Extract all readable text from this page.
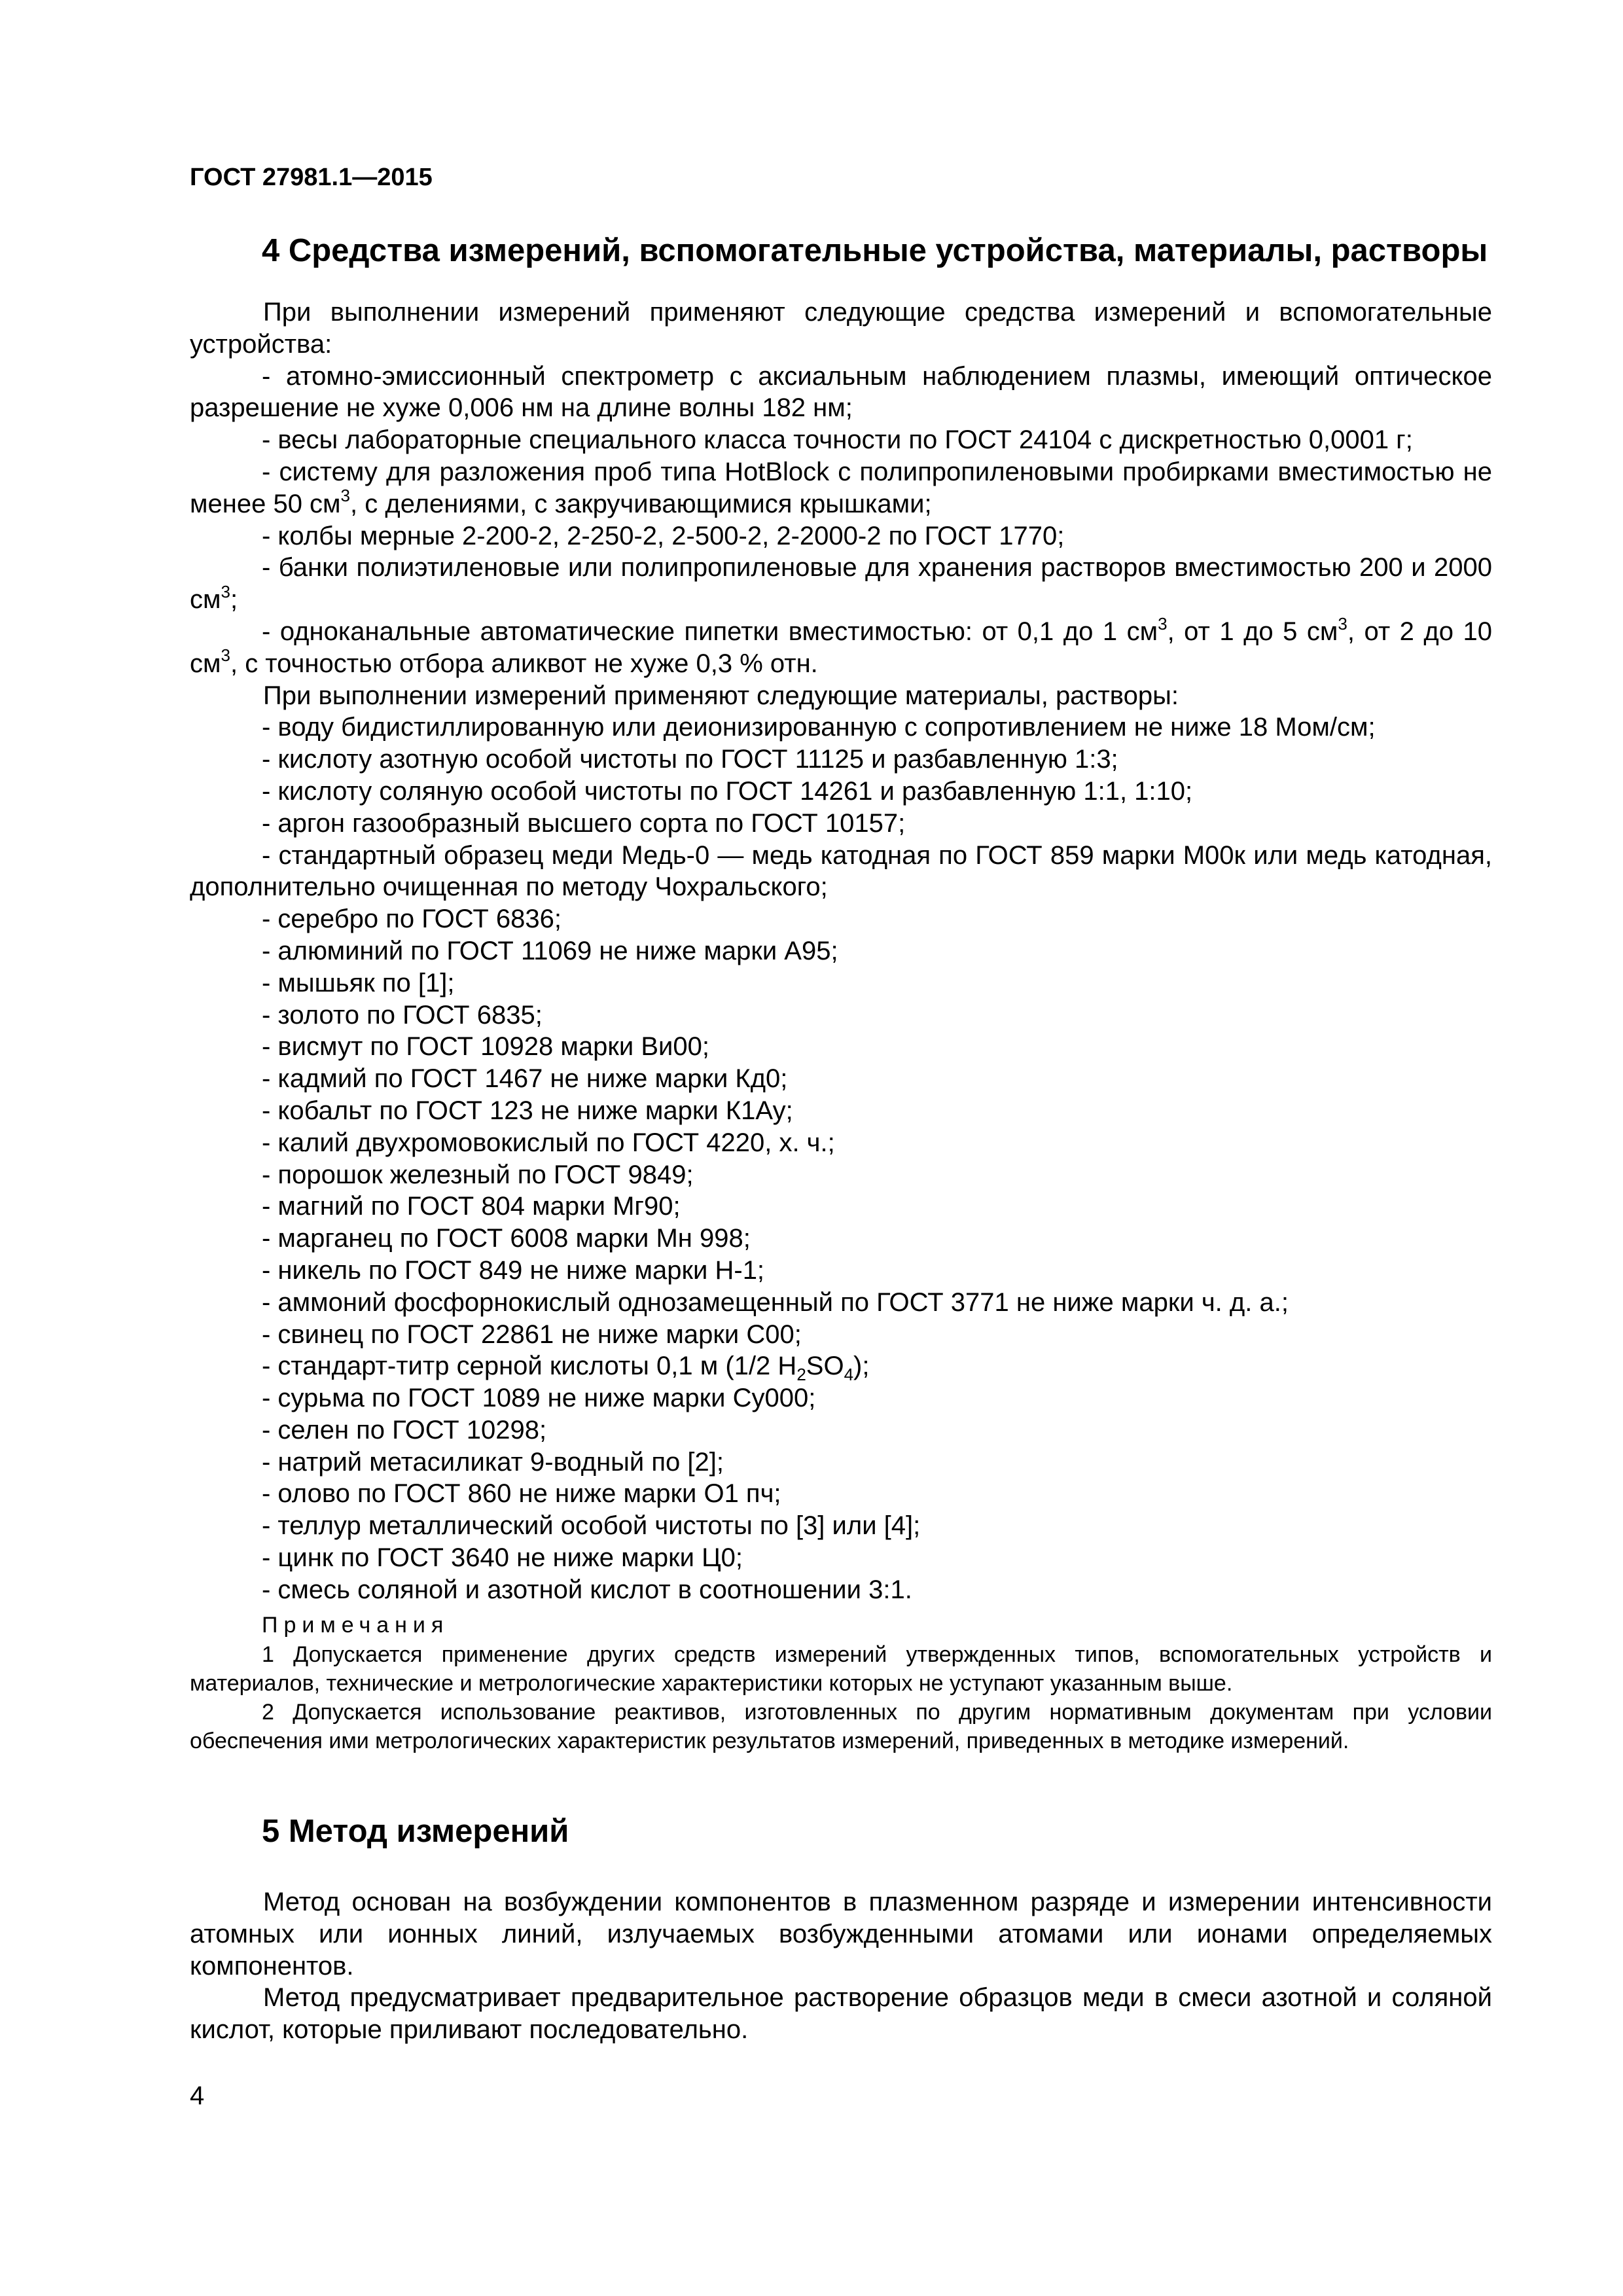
ГОСТ 27981.1—2015
4 Средства измерений, вспомогательные устройства, материалы, растворы

При выполнении измерений применяют следующие средства измерений и вспомогательные устройства:

- атомно-эмиссионный спектрометр с аксиальным наблюдением плазмы, имеющий оптическое разрешение не хуже 0,006 нм на длине волны 182 нм;

- весы лабораторные специального класса точности по ГОСТ 24104 с дискретностью 0,0001 г;

- систему для разложения проб типа HotBlock с полипропиленовыми пробирками вместимостью не менее 50 $см^3$, с делениями, с закручивающимися крышками;

- колбы мерные 2-200-2, 2-250-2, 2-500-2, 2-2000-2 по ГОСТ 1770;

- банки полиэтиленовые или полипропиленовые для хранения растворов вместимостью 200 и 2000 $см^3$;

- одноканальные автоматические пипетки вместимостью: от 0,1 до 1 $см^3$, от 1 до 5 $см^3$, от 2 до 10 $см^3$, с точностью отбора аликвот не хуже 0,3 % отн.

При выполнении измерений применяют следующие материалы, растворы:

- воду бидистиллированную или деионизированную с сопротивлением не ниже 18 Мом/см;

- кислоту азотную особой чистоты по ГОСТ 11125 и разбавленную 1:3;

- кислоту соляную особой чистоты по ГОСТ 14261 и разбавленную 1:1, 1:10;

- аргон газообразный высшего сорта по ГОСТ 10157;

- стандартный образец меди Медь-0 — медь катодная по ГОСТ 859 марки М00к или медь катодная, дополнительно очищенная по методу Чохральского;

- серебро по ГОСТ 6836;

- алюминий по ГОСТ 11069 не ниже марки А95;

- мышьяк по [1];

- золото по ГОСТ 6835;

- висмут по ГОСТ 10928 марки Ви00;

- кадмий по ГОСТ 1467 не ниже марки Кд0;

- кобальт по ГОСТ 123 не ниже марки К1Ау;

- калий двухромовокислый по ГОСТ 4220, х. ч.;

- порошок железный по ГОСТ 9849;

- магний по ГОСТ 804 марки Мг90;

- марганец по ГОСТ 6008 марки Мн 998;

- никель по ГОСТ 849 не ниже марки Н-1;

- аммоний фосфорнокислый однозамещенный по ГОСТ 3771 не ниже марки ч. д. а.;

- свинец по ГОСТ 22861 не ниже марки С00;

- стандарт-титр серной кислоты 0,1 м (1/2 $H_2SO_4$);

- сурьма по ГОСТ 1089 не ниже марки Су000;

- селен по ГОСТ 10298;

- натрий метасиликат 9-водный по [2];

- олово по ГОСТ 860 не ниже марки О1 пч;

- теллур металлический особой чистоты по [3] или [4];

- цинк по ГОСТ 3640 не ниже марки Ц0;

- смесь соляной и азотной кислот в соотношении 3:1.

Примечания

1 Допускается применение других средств измерений утвержденных типов, вспомогательных устройств и материалов, технические и метрологические характеристики которых не уступают указанным выше.

2 Допускается использование реактивов, изготовленных по другим нормативным документам при условии обеспечения ими метрологических характеристик результатов измерений, приведенных в методике измерений.

5 Метод измерений

Метод основан на возбуждении компонентов в плазменном разряде и измерении интенсивности атомных или ионных линий, излучаемых возбужденными атомами или ионами определяемых компонентов.

Метод предусматривает предварительное растворение образцов меди в смеси азотной и соляной кислот, которые приливают последовательно.

4
